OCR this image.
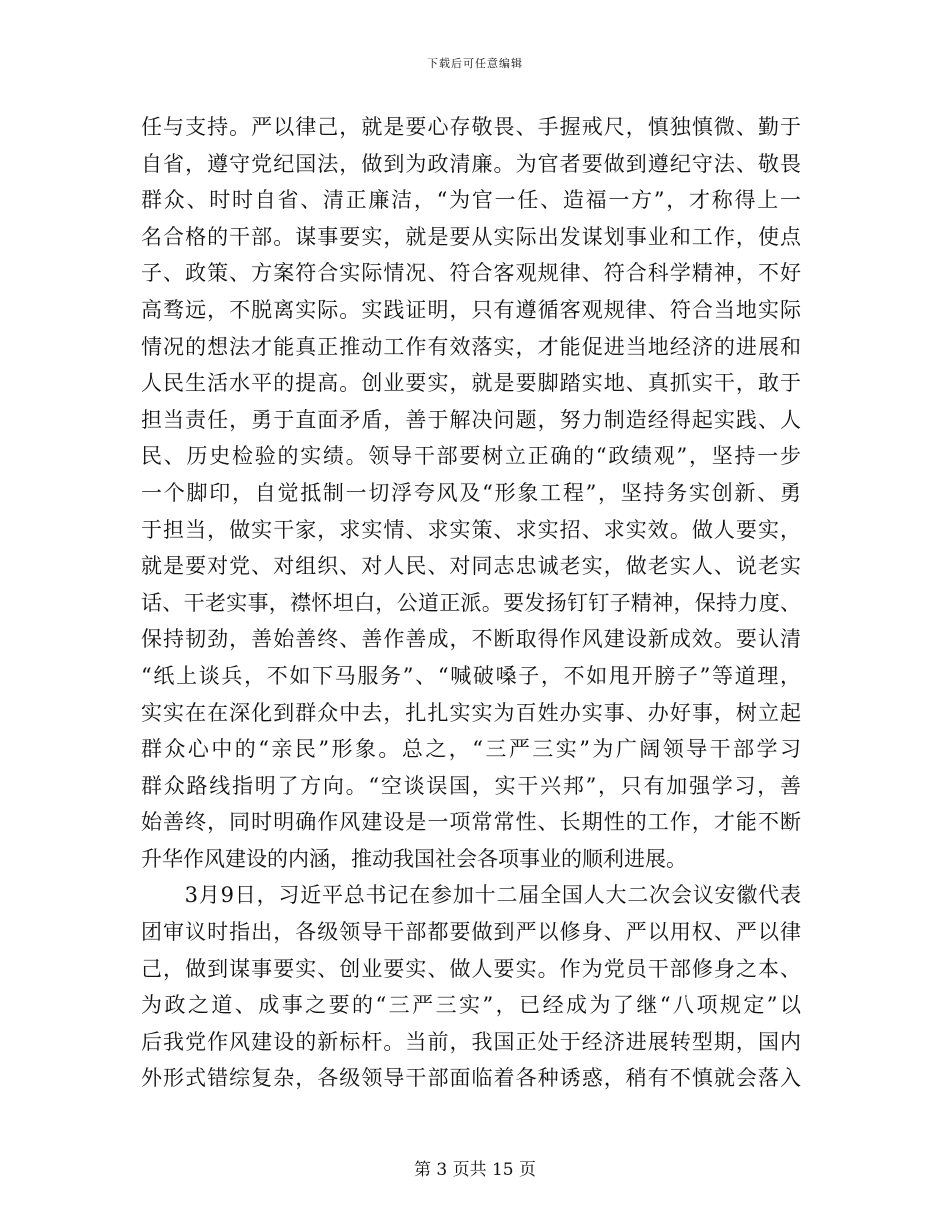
下载后可任意编辑
任与支持。严以律己，就是要心存敬畏、手握戒尺，慎独慎微、勤于
自省，遵守党纪国法，做到为政清廉。为官者要做到遵纪守法、敬畏
群众、时时自省、清正廉洁，“为官一任、造福一方”，才称得上一
名合格的干部。谋事要实，就是要从实际出发谋划事业和工作，使点
子、政策、方案符合实际情况、符合客观规律、符合科学精神，不好
高骛远，不脱离实际。实践证明，只有遵循客观规律、符合当地实际
情况的想法才能真正推动工作有效落实，才能促进当地经济的进展和
人民生活水平的提高。创业要实，就是要脚踏实地、真抓实干，敢于
担当责任，勇于直面矛盾，善于解决问题，努力制造经得起实践、人
民、历史检验的实绩。领导干部要树立正确的“政绩观”，坚持一步
一个脚印，自觉抵制一切浮夸风及“形象工程”，坚持务实创新、勇
于担当，做实干家，求实情、求实策、求实招、求实效。做人要实，
就是要对党、对组织、对人民、对同志忠诚老实，做老实人、说老实
话、干老实事，襟怀坦白，公道正派。要发扬钉钉子精神，保持力度、
保持韧劲，善始善终、善作善成，不断取得作风建设新成效。要认清
“纸上谈兵，不如下马服务”、“喊破嗓子，不如甩开膀子”等道理，
实实在在深化到群众中去，扎扎实实为百姓办实事、办好事，树立起
群众心中的“亲民”形象。总之，“三严三实”为广阔领导干部学习
群众路线指明了方向。“空谈误国，实干兴邦”，只有加强学习，善
始善终，同时明确作风建设是一项常常性、长期性的工作，才能不断
升华作风建设的内涵，推动我国社会各项事业的顺利进展。
　　3月9日，习近平总书记在参加十二届全国人大二次会议安徽代表
团审议时指出，各级领导干部都要做到严以修身、严以用权、严以律
己，做到谋事要实、创业要实、做人要实。作为党员干部修身之本、
为政之道、成事之要的“三严三实”，已经成为了继“八项规定”以
后我党作风建设的新标杆。当前，我国正处于经济进展转型期，国内
外形式错综复杂，各级领导干部面临着各种诱惑，稍有不慎就会落入
第 3 页共 15 页
